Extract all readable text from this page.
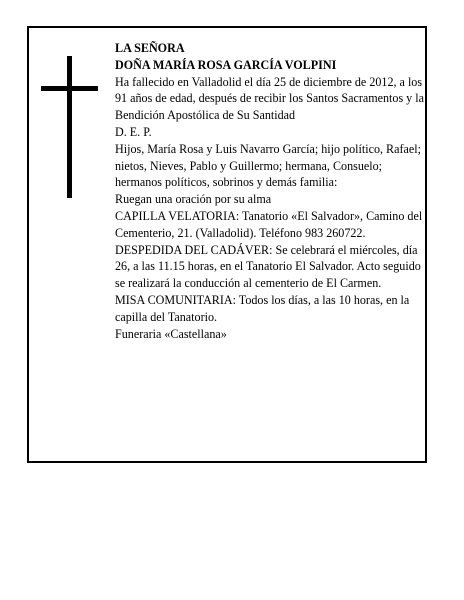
LA SEÑORA

DOÑA MARÍA ROSA GARCÍA VOLPINI

Ha fallecido en Valladolid el día 25 de diciembre de 2012, a los 91 años de edad, después de recibir los Santos Sacramentos y la Bendición Apostólica de Su Santidad

D. E. P.

Hijos, María Rosa y Luis Navarro García; hijo político, Rafael; nietos, Nieves, Pablo y Guillermo; hermana, Consuelo; hermanos políticos, sobrinos y demás familia:

Ruegan una oración por su alma

CAPILLA VELATORIA: Tanatorio «El Salvador», Camino del Cementerio, 21. (Valladolid). Teléfono 983 260722.

DESPEDIDA DEL CADÁVER: Se celebrará el miércoles, día 26, a las 11.15 horas, en el Tanatorio El Salvador. Acto seguido se realizará la conducción al cementerio de El Carmen.

MISA COMUNITARIA: Todos los días, a las 10 horas, en la capilla del Tanatorio.

Funeraria «Castellana»
